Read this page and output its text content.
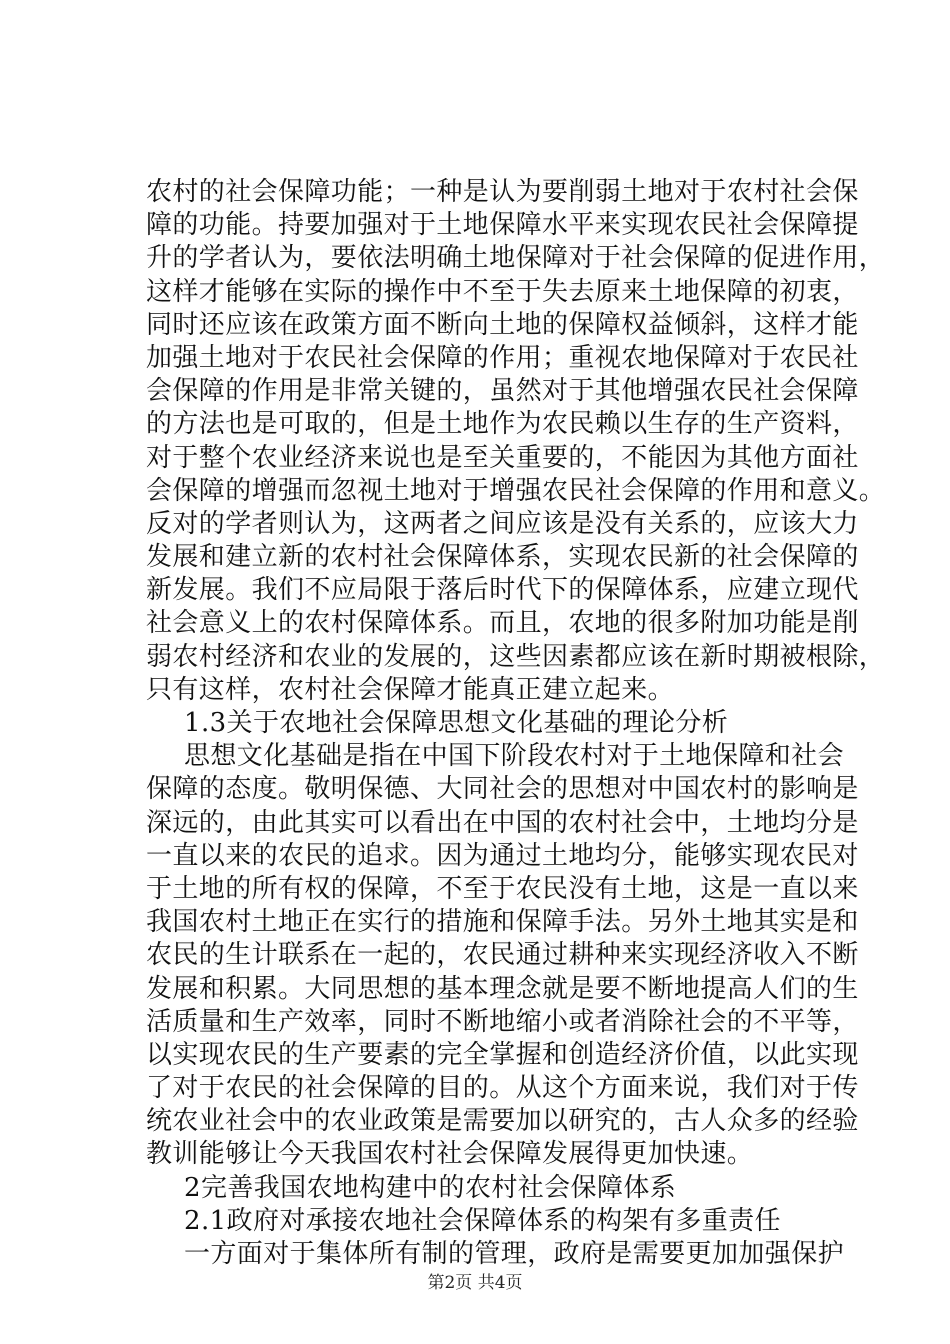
农村的社会保障功能；一种是认为要削弱土地对于农村社会保
障的功能。持要加强对于土地保障水平来实现农民社会保障提
升的学者认为，要依法明确土地保障对于社会保障的促进作用，
这样才能够在实际的操作中不至于失去原来土地保障的初衷，
同时还应该在政策方面不断向土地的保障权益倾斜，这样才能
加强土地对于农民社会保障的作用；重视农地保障对于农民社
会保障的作用是非常关键的，虽然对于其他增强农民社会保障
的方法也是可取的，但是土地作为农民赖以生存的生产资料，
对于整个农业经济来说也是至关重要的，不能因为其他方面社
会保障的增强而忽视土地对于增强农民社会保障的作用和意义。
反对的学者则认为，这两者之间应该是没有关系的，应该大力
发展和建立新的农村社会保障体系，实现农民新的社会保障的
新发展。我们不应局限于落后时代下的保障体系，应建立现代
社会意义上的农村保障体系。而且，农地的很多附加功能是削
弱农村经济和农业的发展的，这些因素都应该在新时期被根除，
只有这样，农村社会保障才能真正建立起来。
1.3关于农地社会保障思想文化基础的理论分析
思想文化基础是指在中国下阶段农村对于土地保障和社会
保障的态度。敬明保德、大同社会的思想对中国农村的影响是
深远的，由此其实可以看出在中国的农村社会中，土地均分是
一直以来的农民的追求。因为通过土地均分，能够实现农民对
于土地的所有权的保障，不至于农民没有土地，这是一直以来
我国农村土地正在实行的措施和保障手法。另外土地其实是和
农民的生计联系在一起的，农民通过耕种来实现经济收入不断
发展和积累。大同思想的基本理念就是要不断地提高人们的生
活质量和生产效率，同时不断地缩小或者消除社会的不平等，
以实现农民的生产要素的完全掌握和创造经济价值，以此实现
了对于农民的社会保障的目的。从这个方面来说，我们对于传
统农业社会中的农业政策是需要加以研究的，古人众多的经验
教训能够让今天我国农村社会保障发展得更加快速。
2完善我国农地构建中的农村社会保障体系
2.1政府对承接农地社会保障体系的构架有多重责任
一方面对于集体所有制的管理，政府是需要更加加强保护
第2页 共4页
